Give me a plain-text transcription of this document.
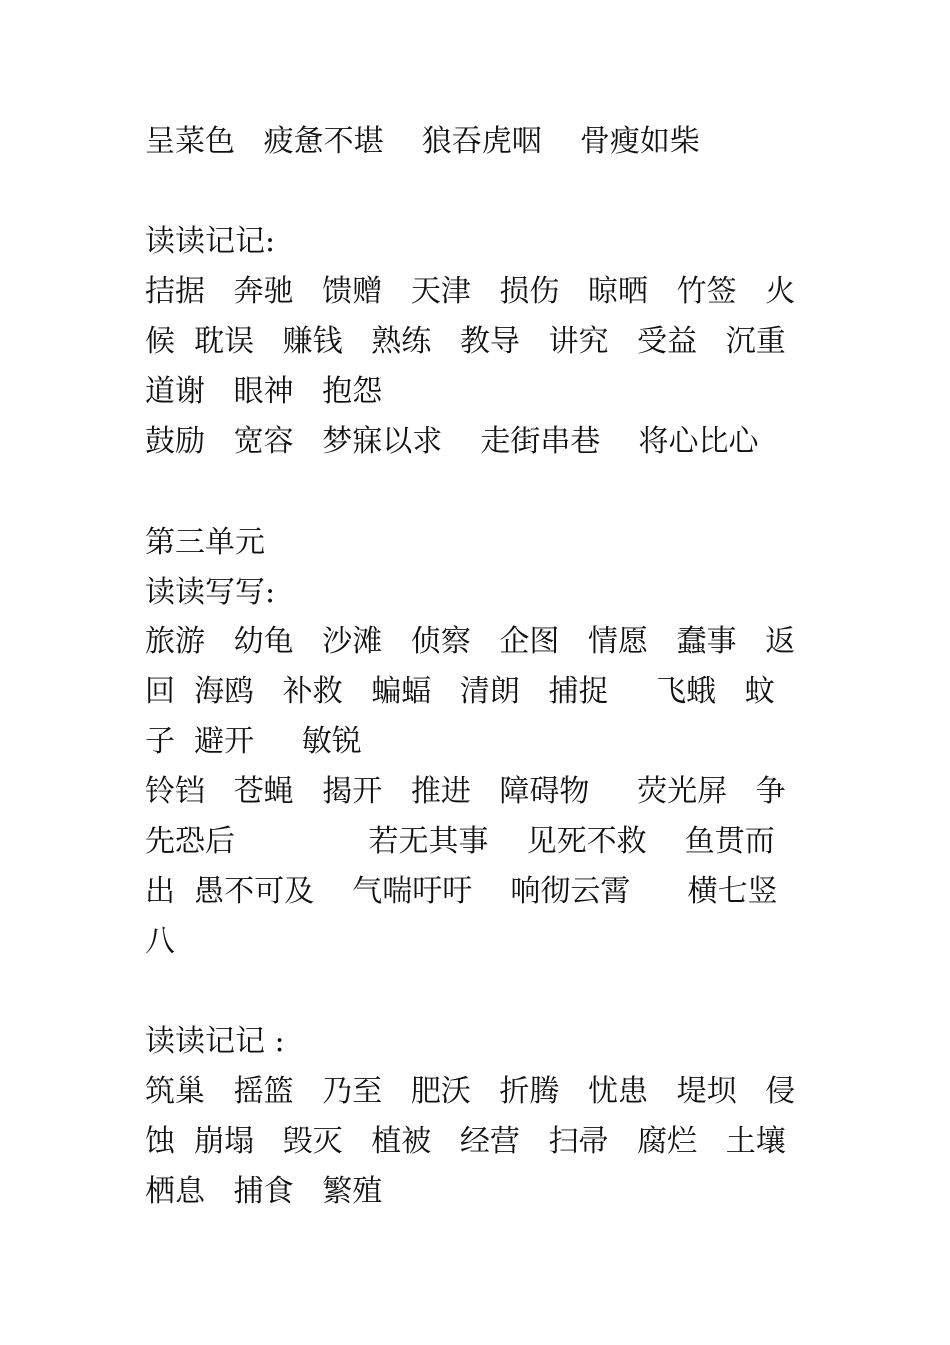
呈菜色   疲惫不堪    狼吞虎咽    骨瘦如柴
读读记记:
拮据   奔驰   馈赠   天津   损伤   晾晒   竹签   火
候  耽误   赚钱   熟练   教导   讲究   受益   沉重
道谢   眼神   抱怨
鼓励   宽容   梦寐以求    走街串巷    将心比心
第三单元
读读写写:
旅游   幼龟   沙滩   侦察   企图   情愿   蠢事   返
回  海鸥   补救   蝙蝠   清朗   捕捉     飞蛾   蚊
子  避开     敏锐
铃铛   苍蝇   揭开   推进   障碍物     荧光屏   争
先恐后              若无其事    见死不救    鱼贯而
出  愚不可及    气喘吁吁    响彻云霄      横七竖
八
读读记记 :
筑巢   摇篮   乃至   肥沃   折腾   忧患   堤坝   侵
蚀  崩塌   毁灭   植被   经营   扫帚   腐烂   土壤
栖息   捕食   繁殖
